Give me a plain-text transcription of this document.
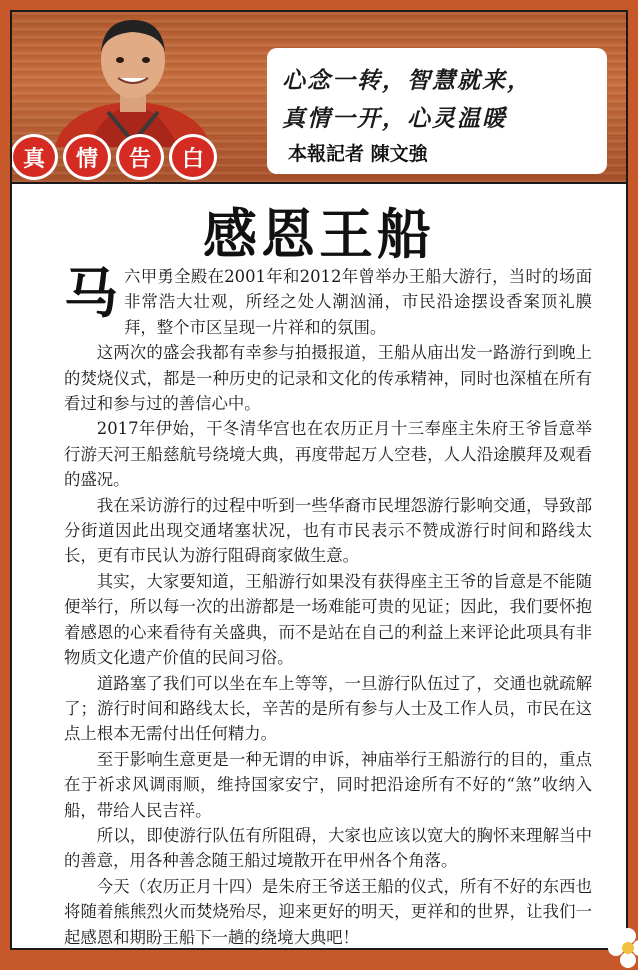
心念一转，智慧就来，
真情一开，心灵温暖
本報記者 陳文強
真	情	告	白
感恩王船

马 六甲勇全殿在2001年和2012年曾举办王船大游行，当时的场面非常浩大壮观，所经之处人潮汹涌，市民沿途摆设香案顶礼膜拜，整个市区呈现一片祥和的氛围。

这两次的盛会我都有幸参与拍摄报道，王船从庙出发一路游行到晚上的焚烧仪式，都是一种历史的记录和文化的传承精神，同时也深植在所有看过和参与过的善信心中。

2017年伊始，干冬清华宫也在农历正月十三奉座主朱府王爷旨意举行游天河王船慈航号绕境大典，再度带起万人空巷，人人沿途膜拜及观看的盛况。

我在采访游行的过程中听到一些华裔市民埋怨游行影响交通，导致部分街道因此出现交通堵塞状况，也有市民表示不赞成游行时间和路线太长，更有市民认为游行阻碍商家做生意。

其实，大家要知道，王船游行如果没有获得座主王爷的旨意是不能随便举行，所以每一次的出游都是一场难能可贵的见证；因此，我们要怀抱着感恩的心来看待有关盛典，而不是站在自己的利益上来评论此项具有非物质文化遗产价值的民间习俗。

道路塞了我们可以坐在车上等等，一旦游行队伍过了，交通也就疏解了；游行时间和路线太长，辛苦的是所有参与人士及工作人员，市民在这点上根本无需付出任何精力。

至于影响生意更是一种无谓的申诉，神庙举行王船游行的目的，重点在于祈求风调雨顺，维持国家安宁，同时把沿途所有不好的“煞”收纳入船，带给人民吉祥。

所以，即使游行队伍有所阻碍，大家也应该以宽大的胸怀来理解当中的善意，用各种善念随王船过境散开在甲州各个角落。

今天（农历正月十四）是朱府王爷送王船的仪式，所有不好的东西也将随着熊熊烈火而焚烧殆尽，迎来更好的明天，更祥和的世界，让我们一起感恩和期盼王船下一趟的绕境大典吧！
